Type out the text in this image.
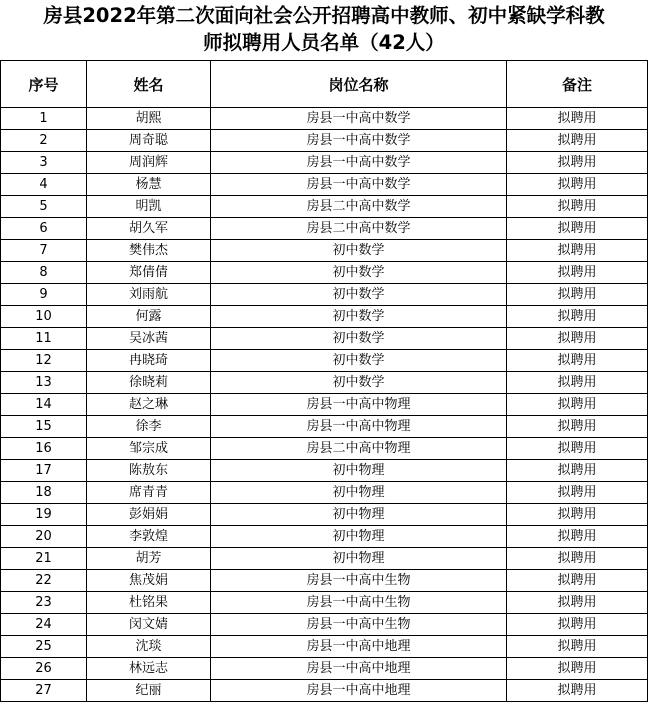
房县2022年第二次面向社会公开招聘高中教师、初中紧缺学科教
师拟聘用人员名单（42人）
序号	姓名	岗位名称	备注
1	胡熙	房县一中高中数学	拟聘用
2	周奇聪	房县一中高中数学	拟聘用
3	周润辉	房县一中高中数学	拟聘用
4	杨慧	房县一中高中数学	拟聘用
5	明凯	房县二中高中数学	拟聘用
6	胡久军	房县二中高中数学	拟聘用
7	樊伟杰	初中数学	拟聘用
8	郑倩倩	初中数学	拟聘用
9	刘雨航	初中数学	拟聘用
10	何露	初中数学	拟聘用
11	吴冰茜	初中数学	拟聘用
12	冉晓琦	初中数学	拟聘用
13	徐晓莉	初中数学	拟聘用
14	赵之琳	房县一中高中物理	拟聘用
15	徐李	房县一中高中物理	拟聘用
16	邹宗成	房县二中高中物理	拟聘用
17	陈敖东	初中物理	拟聘用
18	席青青	初中物理	拟聘用
19	彭娟娟	初中物理	拟聘用
20	李敦煌	初中物理	拟聘用
21	胡芳	初中物理	拟聘用
22	焦茂娟	房县一中高中生物	拟聘用
23	杜铭果	房县一中高中生物	拟聘用
24	闵文婧	房县一中高中生物	拟聘用
25	沈琰	房县一中高中地理	拟聘用
26	林远志	房县一中高中地理	拟聘用
27	纪丽	房县一中高中地理	拟聘用
